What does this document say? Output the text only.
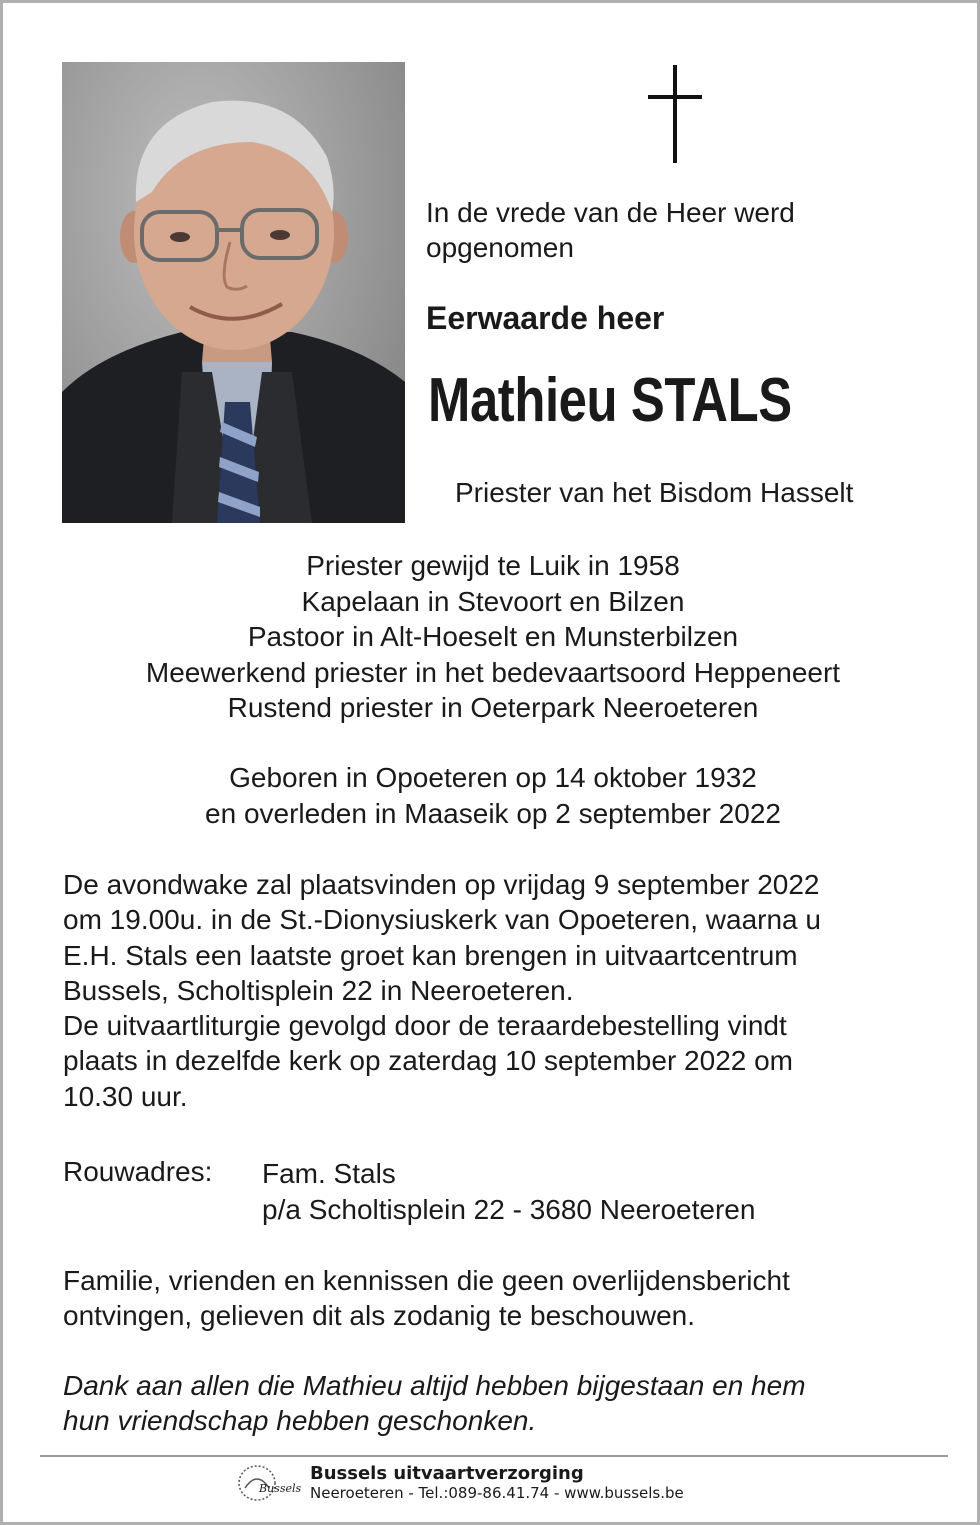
In de vrede van de Heer werd opgenomen

Eerwaarde heer

Mathieu STALS

Priester van het Bisdom Hasselt

Priester gewijd te Luik in 1958
Kapelaan in Stevoort en Bilzen
Pastoor in Alt-Hoeselt en Munsterbilzen
Meewerkend priester in het bedevaartsoord Heppeneert
Rustend priester in Oeterpark Neeroeteren
Geboren in Opoeteren op 14 oktober 1932
en overleden in Maaseik op 2 september 2022
De avondwake zal plaatsvinden op vrijdag 9 september 2022
om 19.00u. in de St.-Dionysiuskerk van Opoeteren, waarna u
E.H. Stals een laatste groet kan brengen in uitvaartcentrum
Bussels, Scholtisplein 22 in Neeroeteren.
De uitvaartliturgie gevolgd door de teraardebestelling vindt
plaats in dezelfde kerk op zaterdag 10 september 2022 om
10.30 uur.

Rouwadres: Fam. Stals
p/a Scholtisplein 22 - 3680 Neeroeteren
Familie, vrienden en kennissen die geen overlijdensbericht
ontvingen, gelieven dit als zodanig te beschouwen.
Dank aan allen die Mathieu altijd hebben bijgestaan en hem
hun vriendschap hebben geschonken.
Bussels

Bussels uitvaartverzorging

Neeroeteren - Tel.:089-86.41.74 - www.bussels.be
